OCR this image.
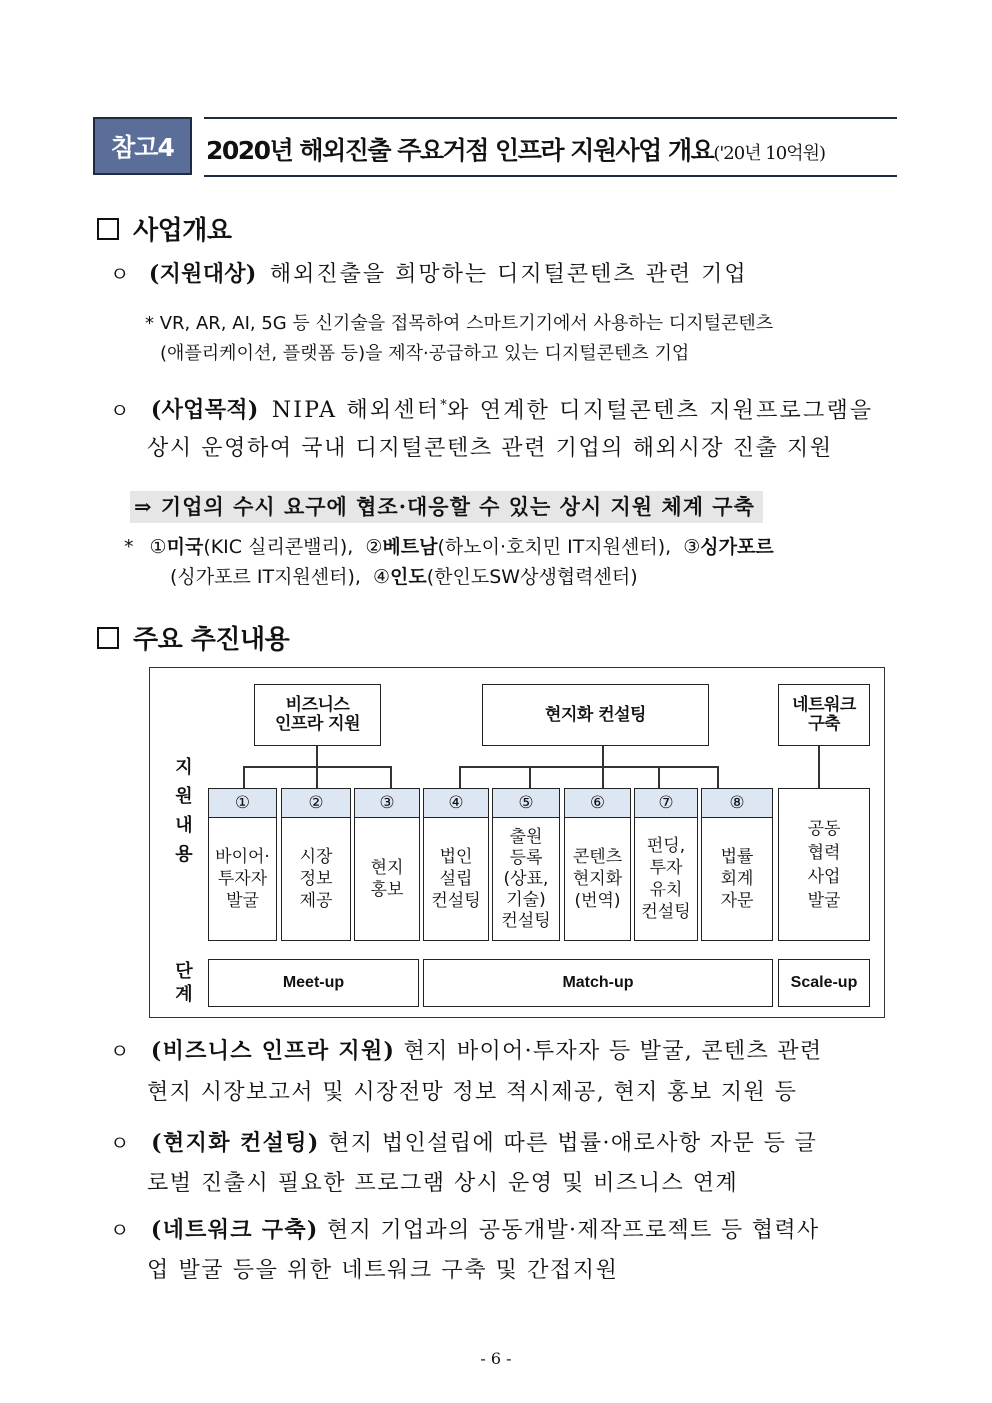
참고4	2020년 해외진출 주요거점 인프라 지원사업 개요('20년 10억원)
사업개요
ㅇ (지원대상) 해외진출을 희망하는 디지털콘텐츠 관련 기업
* VR, AR, AI, 5G 등 신기술을 접목하여 스마트기기에서 사용하는 디지털콘텐츠
(애플리케이션, 플랫폼 등)을 제작·공급하고 있는 디지털콘텐츠 기업
ㅇ (사업목적) NIPA 해외센터*와 연계한 디지털콘텐츠 지원프로그램을
상시 운영하여 국내 디지털콘텐츠 관련 기업의 해외시장 진출 지원
⇒ 기업의 수시 요구에 협조·대응할 수 있는 상시 지원 체계 구축
* ①미국(KIC 실리콘밸리), ②베트남(하노이·호치민 IT지원센터), ③싱가포르
(싱가포르 IT지원센터), ④인도(한인도SW상생협력센터)
주요 추진내용
비즈니스
인프라 지원	현지화 컨설팅	네트워크
구축
지
원
내
용
단
계
①	②	③	④	⑤	⑥	⑦	⑧
바이어·
투자자
발굴
시장
정보
제공
현지
홍보
법인
설립
컨설팅
출원
등록
(상표,
기술)
컨설팅
콘텐츠
현지화
(번역)
펀딩,
투자
유치
컨설팅
법률
회계
자문
공동
협력
사업
발굴
Meet-up	Match-up	Scale-up
ㅇ (비즈니스 인프라 지원) 현지 바이어·투자자 등 발굴, 콘텐츠 관련
현지 시장보고서 및 시장전망 정보 적시제공, 현지 홍보 지원 등
ㅇ (현지화 컨설팅) 현지 법인설립에 따른 법률·애로사항 자문 등 글
로벌 진출시 필요한 프로그램 상시 운영 및 비즈니스 연계
ㅇ (네트워크 구축) 현지 기업과의 공동개발·제작프로젝트 등 협력사
업 발굴 등을 위한 네트워크 구축 및 간접지원
- 6 -
